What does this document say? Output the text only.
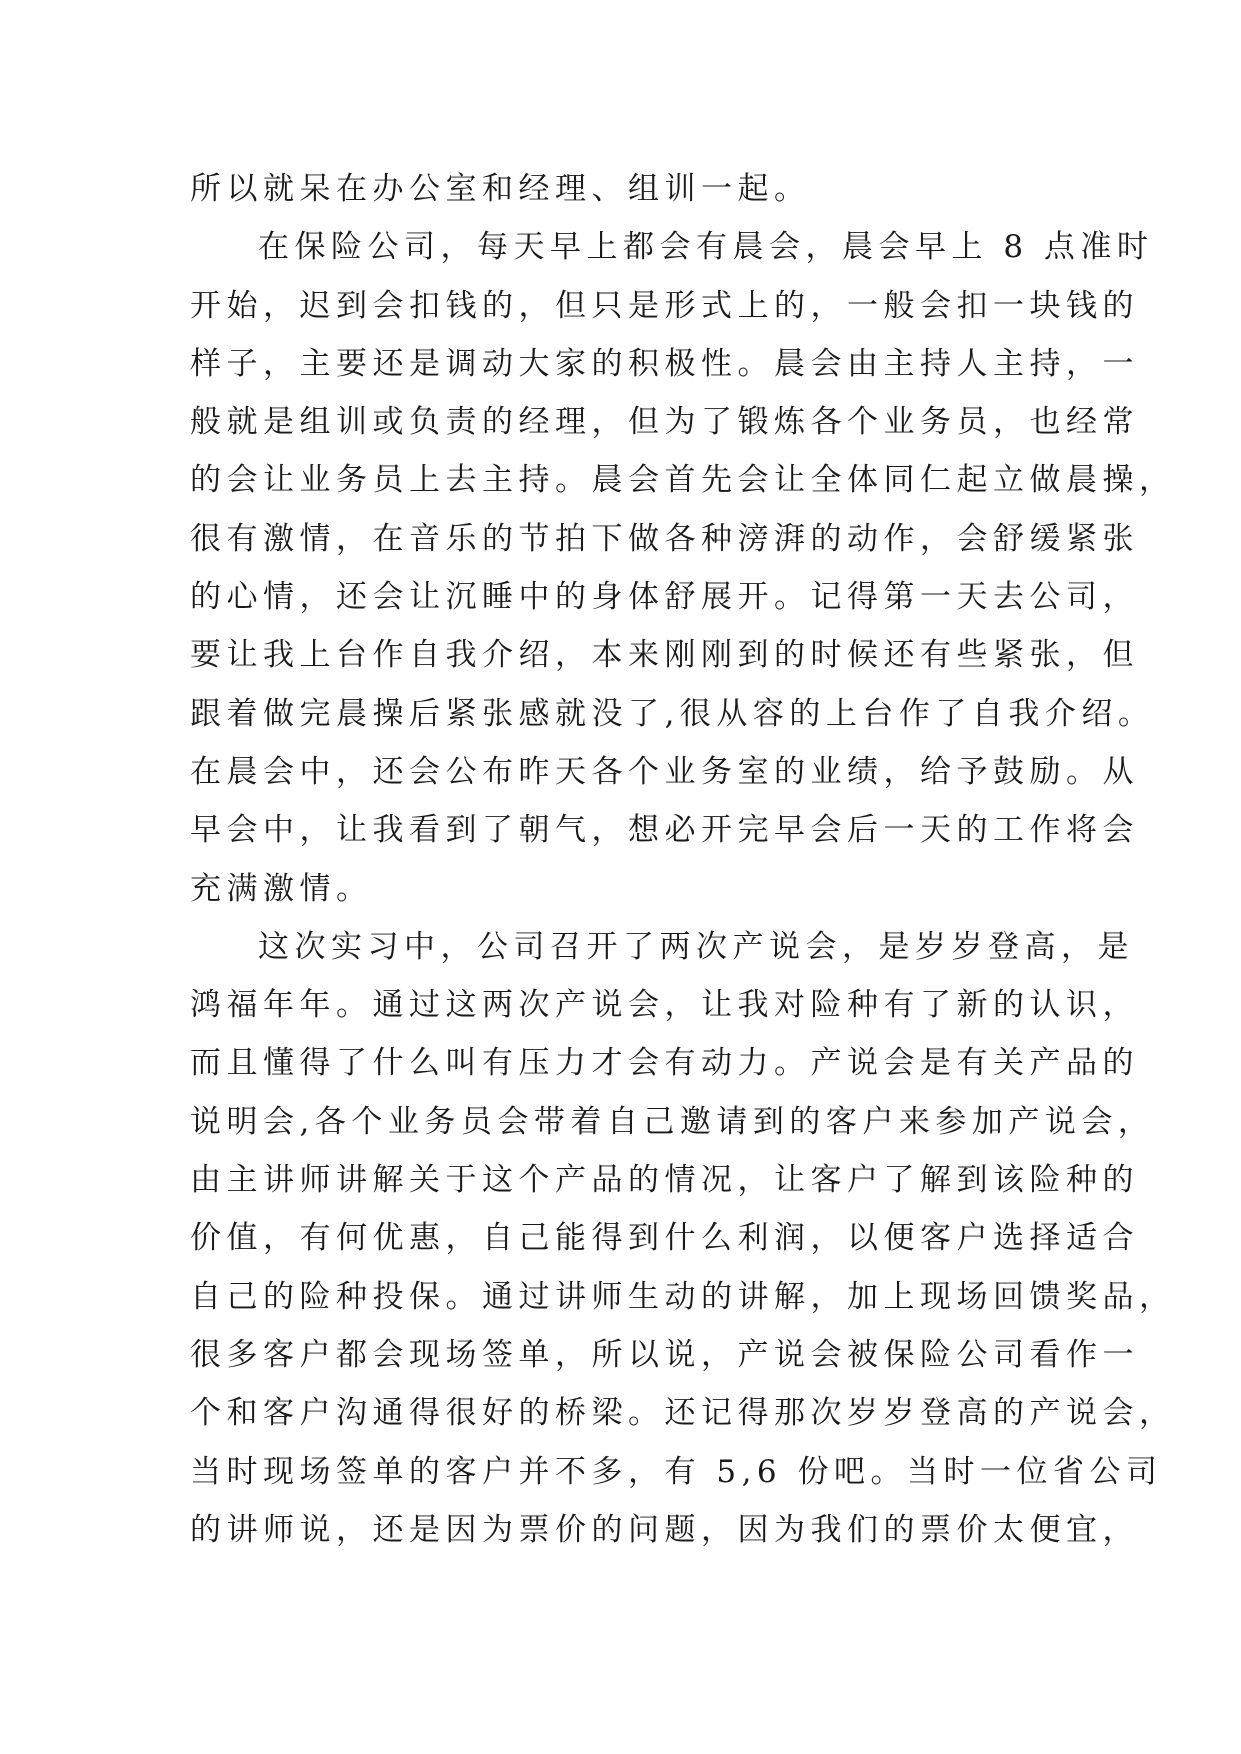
所以就呆在办公室和经理、组训一起。
在保险公司，每天早上都会有晨会，晨会早上 8 点准时
开始，迟到会扣钱的，但只是形式上的，一般会扣一块钱的
样子，主要还是调动大家的积极性。晨会由主持人主持，一
般就是组训或负责的经理，但为了锻炼各个业务员，也经常
的会让业务员上去主持。晨会首先会让全体同仁起立做晨操，
很有激情，在音乐的节拍下做各种滂湃的动作，会舒缓紧张
的心情，还会让沉睡中的身体舒展开。记得第一天去公司，
要让我上台作自我介绍，本来刚刚到的时候还有些紧张，但
跟着做完晨操后紧张感就没了,很从容的上台作了自我介绍。
在晨会中，还会公布昨天各个业务室的业绩，给予鼓励。从
早会中，让我看到了朝气，想必开完早会后一天的工作将会
充满激情。
这次实习中，公司召开了两次产说会，是岁岁登高，是
鸿福年年。通过这两次产说会，让我对险种有了新的认识，
而且懂得了什么叫有压力才会有动力。产说会是有关产品的
说明会,各个业务员会带着自己邀请到的客户来参加产说会，
由主讲师讲解关于这个产品的情况，让客户了解到该险种的
价值，有何优惠，自己能得到什么利润，以便客户选择适合
自己的险种投保。通过讲师生动的讲解，加上现场回馈奖品，
很多客户都会现场签单，所以说，产说会被保险公司看作一
个和客户沟通得很好的桥梁。还记得那次岁岁登高的产说会，
当时现场签单的客户并不多，有 5,6 份吧。当时一位省公司
的讲师说，还是因为票价的问题，因为我们的票价太便宜，
